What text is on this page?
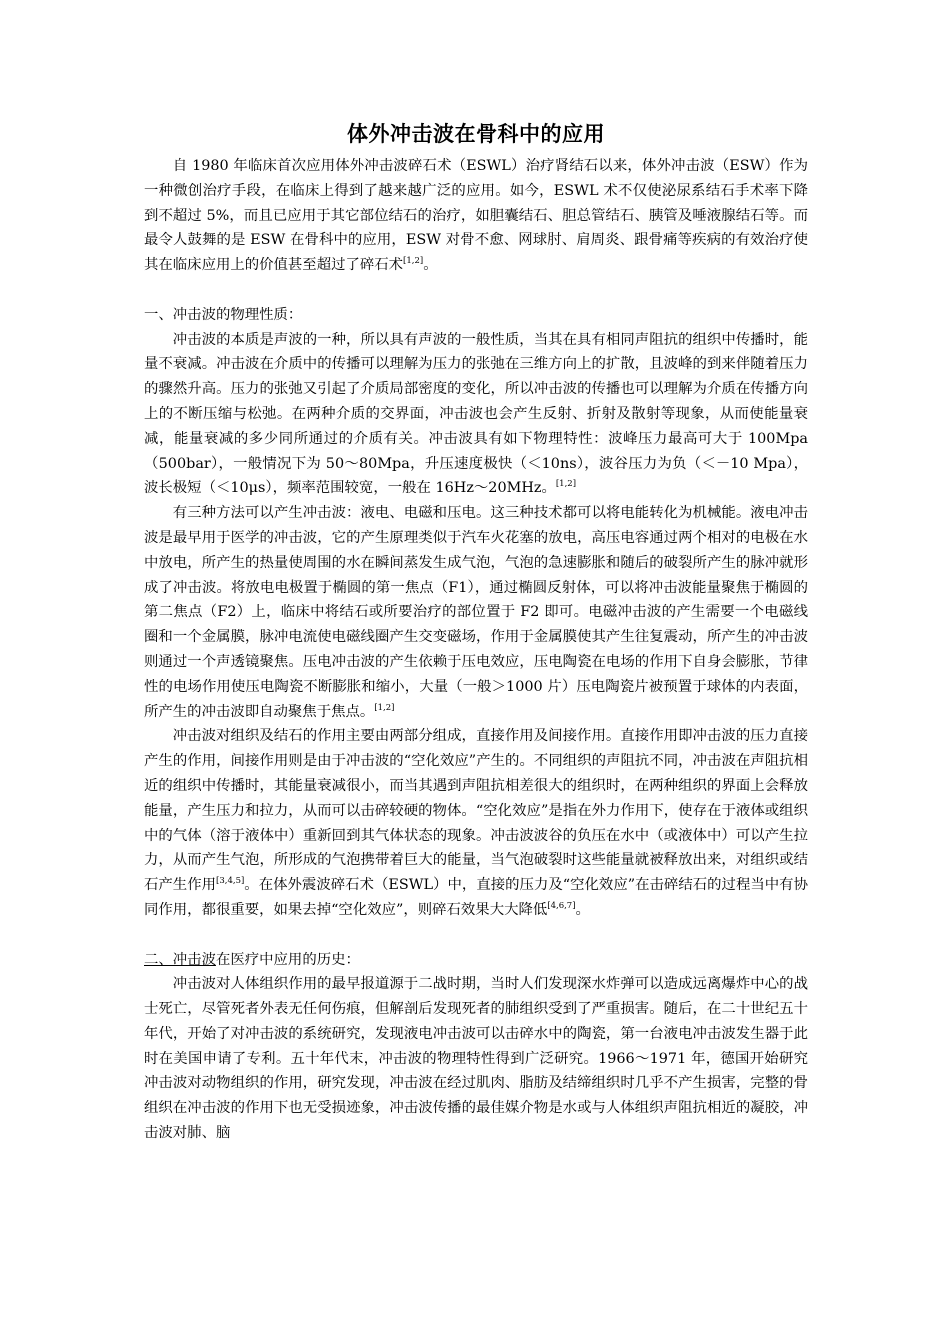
体外冲击波在骨科中的应用

自 1980 年临床首次应用体外冲击波碎石术（ESWL）治疗肾结石以来，体外冲击波（ESW）作为一种微创治疗手段，在临床上得到了越来越广泛的应用。如今，ESWL 术不仅使泌尿系结石手术率下降到不超过 5%，而且已应用于其它部位结石的治疗，如胆囊结石、胆总管结石、胰管及唾液腺结石等。而最令人鼓舞的是 ESW 在骨科中的应用，ESW 对骨不愈、网球肘、肩周炎、跟骨痛等疾病的有效治疗使其在临床应用上的价值甚至超过了碎石术[1,2]。

一、冲击波的物理性质：

冲击波的本质是声波的一种，所以具有声波的一般性质，当其在具有相同声阻抗的组织中传播时，能量不衰减。冲击波在介质中的传播可以理解为压力的张弛在三维方向上的扩散，且波峰的到来伴随着压力的骤然升高。压力的张弛又引起了介质局部密度的变化，所以冲击波的传播也可以理解为介质在传播方向上的不断压缩与松弛。在两种介质的交界面，冲击波也会产生反射、折射及散射等现象，从而使能量衰减，能量衰减的多少同所通过的介质有关。冲击波具有如下物理特性：波峰压力最高可大于 100Mpa（500bar），一般情况下为 50～80Mpa，升压速度极快（＜10ns），波谷压力为负（＜－10 Mpa），波长极短（＜10μs），频率范围较宽，一般在 16Hz～20MHz。[1,2]

有三种方法可以产生冲击波：液电、电磁和压电。这三种技术都可以将电能转化为机械能。液电冲击波是最早用于医学的冲击波，它的产生原理类似于汽车火花塞的放电，高压电容通过两个相对的电极在水中放电，所产生的热量使周围的水在瞬间蒸发生成气泡，气泡的急速膨胀和随后的破裂所产生的脉冲就形成了冲击波。将放电电极置于椭圆的第一焦点（F1），通过椭圆反射体，可以将冲击波能量聚焦于椭圆的第二焦点（F2）上，临床中将结石或所要治疗的部位置于 F2 即可。电磁冲击波的产生需要一个电磁线圈和一个金属膜，脉冲电流使电磁线圈产生交变磁场，作用于金属膜使其产生往复震动，所产生的冲击波则通过一个声透镜聚焦。压电冲击波的产生依赖于压电效应，压电陶瓷在电场的作用下自身会膨胀，节律性的电场作用使压电陶瓷不断膨胀和缩小，大量（一般＞1000 片）压电陶瓷片被预置于球体的内表面，所产生的冲击波即自动聚焦于焦点。[1,2]

冲击波对组织及结石的作用主要由两部分组成，直接作用及间接作用。直接作用即冲击波的压力直接产生的作用，间接作用则是由于冲击波的“空化效应”产生的。不同组织的声阻抗不同，冲击波在声阻抗相近的组织中传播时，其能量衰减很小，而当其遇到声阻抗相差很大的组织时，在两种组织的界面上会释放能量，产生压力和拉力，从而可以击碎较硬的物体。“空化效应”是指在外力作用下，使存在于液体或组织中的气体（溶于液体中）重新回到其气体状态的现象。冲击波波谷的负压在水中（或液体中）可以产生拉力，从而产生气泡，所形成的气泡携带着巨大的能量，当气泡破裂时这些能量就被释放出来，对组织或结石产生作用[3,4,5]。在体外震波碎石术（ESWL）中，直接的压力及“空化效应”在击碎结石的过程当中有协同作用，都很重要，如果去掉“空化效应”，则碎石效果大大降低[4,6,7]。

二、冲击波在医疗中应用的历史：

冲击波对人体组织作用的最早报道源于二战时期，当时人们发现深水炸弹可以造成远离爆炸中心的战士死亡，尽管死者外表无任何伤痕，但解剖后发现死者的肺组织受到了严重损害。随后，在二十世纪五十年代，开始了对冲击波的系统研究，发现液电冲击波可以击碎水中的陶瓷，第一台液电冲击波发生器于此时在美国申请了专利。五十年代末，冲击波的物理特性得到广泛研究。1966～1971 年，德国开始研究冲击波对动物组织的作用，研究发现，冲击波在经过肌肉、脂肪及结缔组织时几乎不产生损害，完整的骨组织在冲击波的作用下也无受损迹象，冲击波传播的最佳媒介物是水或与人体组织声阻抗相近的凝胶，冲击波对肺、脑
